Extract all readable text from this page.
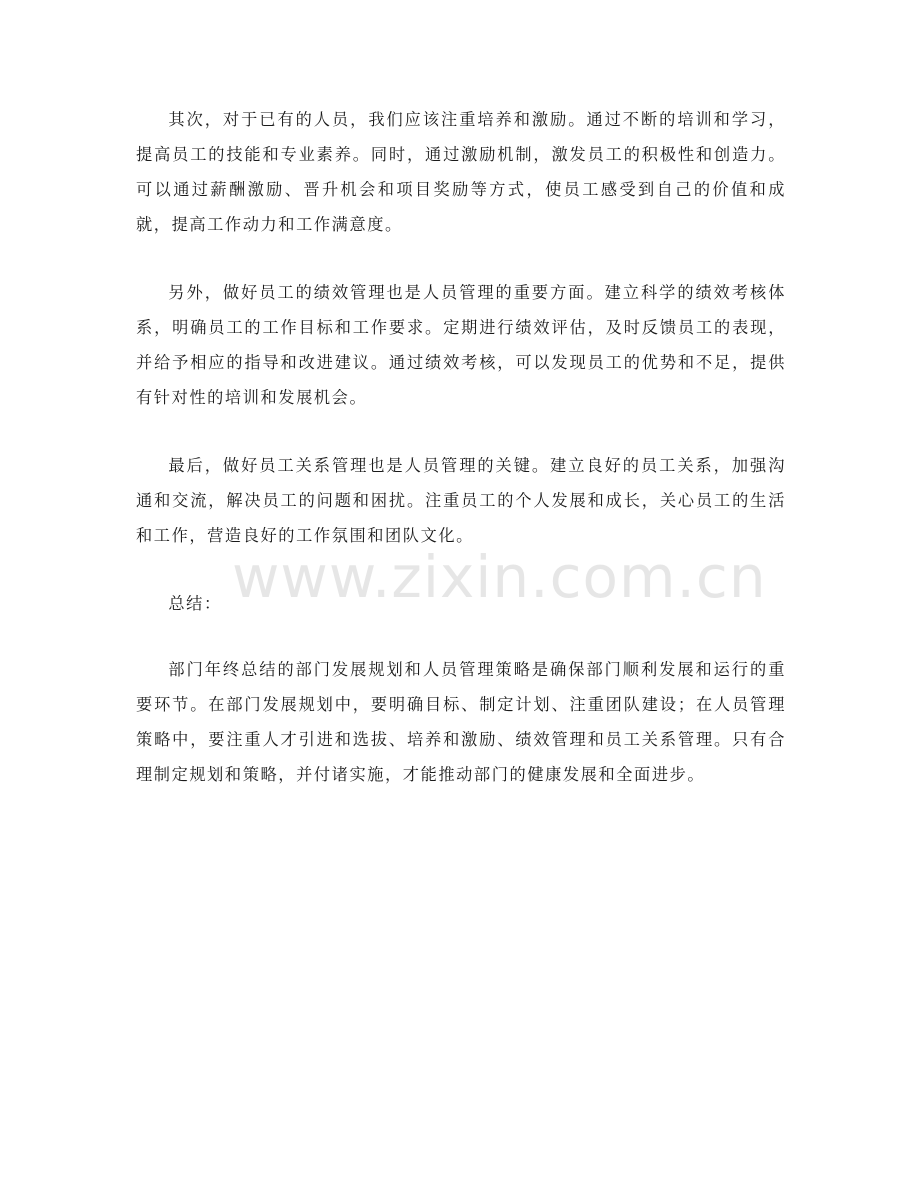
其次，对于已有的人员，我们应该注重培养和激励。通过不断的培训和学习，提高员工的技能和专业素养。同时，通过激励机制，激发员工的积极性和创造力。可以通过薪酬激励、晋升机会和项目奖励等方式，使员工感受到自己的价值和成就，提高工作动力和工作满意度。

另外，做好员工的绩效管理也是人员管理的重要方面。建立科学的绩效考核体系，明确员工的工作目标和工作要求。定期进行绩效评估，及时反馈员工的表现，并给予相应的指导和改进建议。通过绩效考核，可以发现员工的优势和不足，提供有针对性的培训和发展机会。

最后，做好员工关系管理也是人员管理的关键。建立良好的员工关系，加强沟通和交流，解决员工的问题和困扰。注重员工的个人发展和成长，关心员工的生活和工作，营造良好的工作氛围和团队文化。

总结：

部门年终总结的部门发展规划和人员管理策略是确保部门顺利发展和运行的重要环节。在部门发展规划中，要明确目标、制定计划、注重团队建设；在人员管理策略中，要注重人才引进和选拔、培养和激励、绩效管理和员工关系管理。只有合理制定规划和策略，并付诸实施，才能推动部门的健康发展和全面进步。

www.zixin.com.cn
